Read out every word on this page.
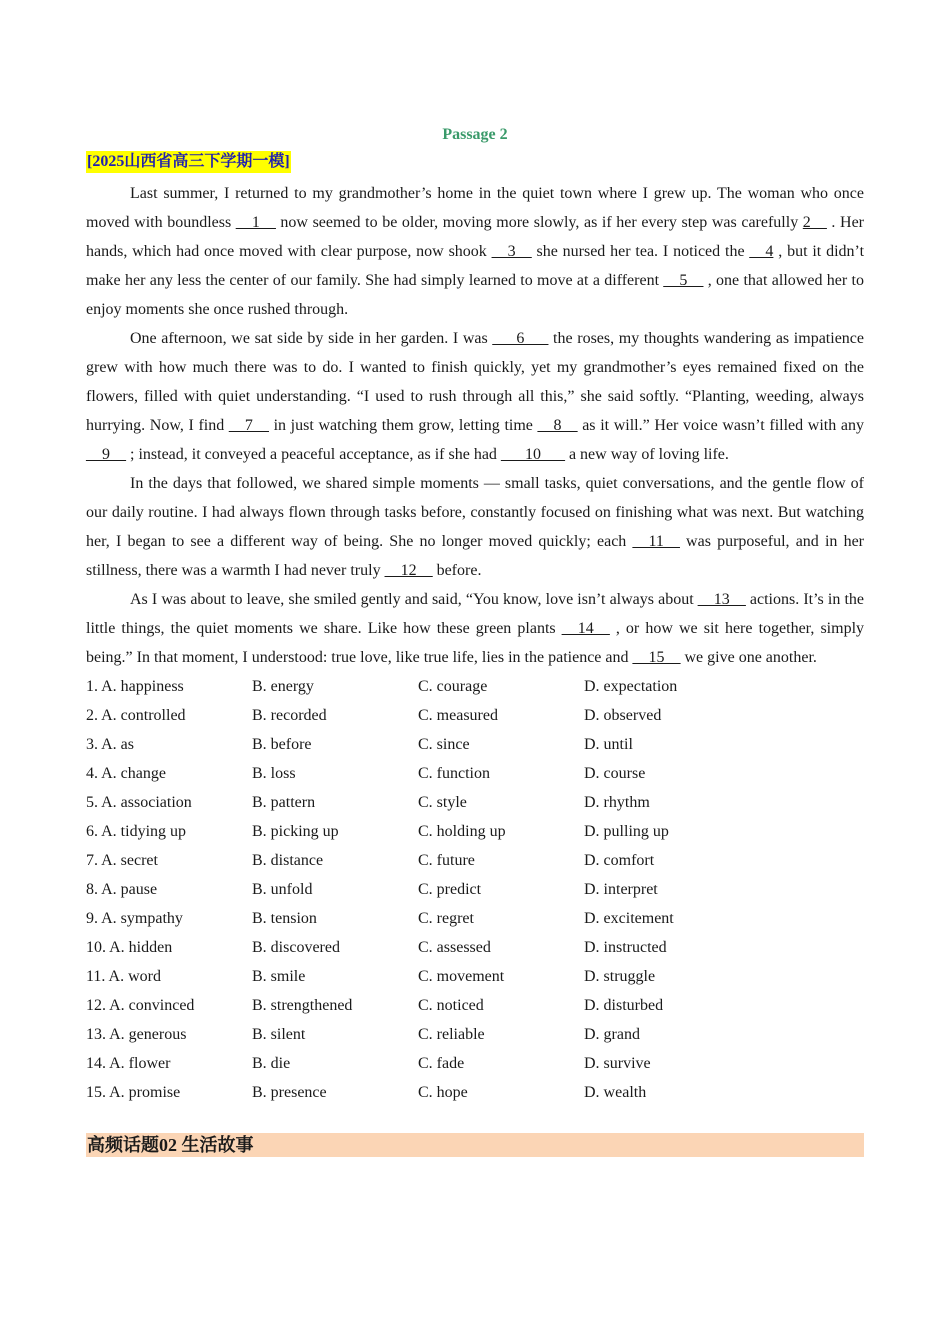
Passage 2
[2025山西省高三下学期一模]

Last summer, I returned to my grandmother’s home in the quiet town where I grew up. The woman who once moved with boundless __1__ now seemed to be older, moving more slowly, as if her every step was carefully 2__ . Her hands, which had once moved with clear purpose, now shook __3__ she nursed her tea. I noticed the __4 , but it didn’t make her any less the center of our family. She had simply learned to move at a different __5__ , one that allowed her to enjoy moments she once rushed through.

One afternoon, we sat side by side in her garden. I was ___6___ the roses, my thoughts wandering as impatience grew with how much there was to do. I wanted to finish quickly, yet my grandmother’s eyes remained fixed on the flowers, filled with quiet understanding. “I used to rush through all this,” she said softly. “Planting, weeding, always hurrying. Now, I find __7__ in just watching them grow, letting time __8__ as it will.” Her voice wasn’t filled with any __9__ ; instead, it conveyed a peaceful acceptance, as if she had ___10___ a new way of loving life.

In the days that followed, we shared simple moments — small tasks, quiet conversations, and the gentle flow of our daily routine. I had always flown through tasks before, constantly focused on finishing what was next. But watching her, I began to see a different way of being. She no longer moved quickly; each __11__ was purposeful, and in her stillness, there was a warmth I had never truly __12__ before.

As I was about to leave, she smiled gently and said, “You know, love isn’t always about __13__ actions. It’s in the little things, the quiet moments we share. Like how these green plants __14__ , or how we sit here together, simply being.” In that moment, I understood: true love, like true life, lies in the patience and __15__ we give one another.

1. A. happiness	B. energy	C. courage	D. expectation
2. A. controlled	B. recorded	C. measured	D. observed
3. A. as	B. before	C. since	D. until
4. A. change	B. loss	C. function	D. course
5. A. association	B. pattern	C. style	D. rhythm
6. A. tidying up	B. picking up	C. holding up	D. pulling up
7. A. secret	B. distance	C. future	D. comfort
8. A. pause	B. unfold	C. predict	D. interpret
9. A. sympathy	B. tension	C. regret	D. excitement
10. A. hidden	B. discovered	C. assessed	D. instructed
11. A. word	B. smile	C. movement	D. struggle
12. A. convinced	B. strengthened	C. noticed	D. disturbed
13. A. generous	B. silent	C. reliable	D. grand
14. A. flower	B. die	C. fade	D. survive
15. A. promise	B. presence	C. hope	D. wealth
高频话题02 生活故事
